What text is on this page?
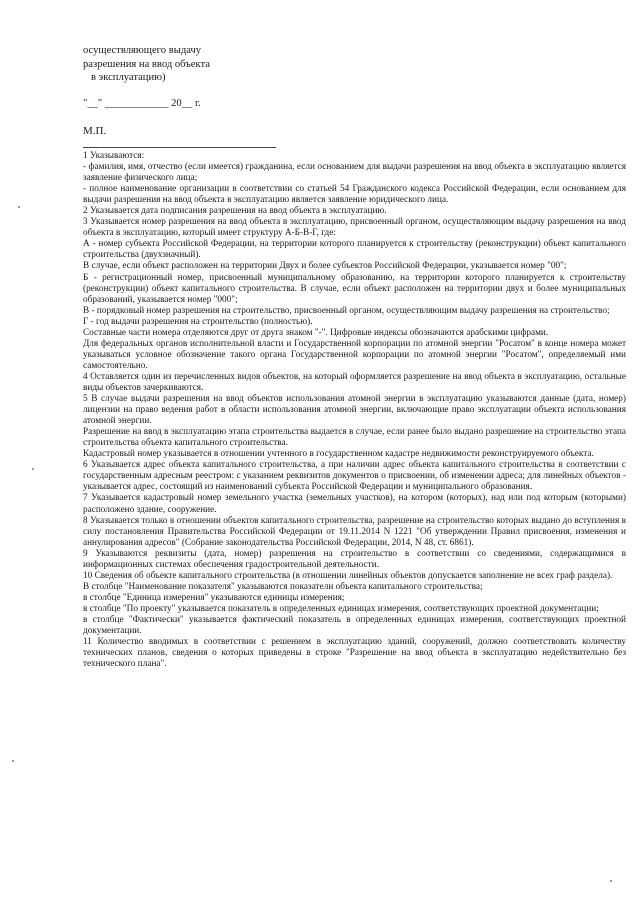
осуществляющего выдачу
разрешения на ввод объекта
в эксплуатацию)
"__" ____________ 20__ г.
М.П.

1 Указываются:

- фамилия, имя, отчество (если имеется) гражданина, если основанием для выдачи разрешения на ввод объекта в эксплуатацию является заявление физического лица;

- полное наименование организации в соответствии со статьей 54 Гражданского кодекса Российской Федерации, если основанием для выдачи разрешения на ввод объекта в эксплуатацию является заявление юридического лица.

2 Указывается дата подписания разрешения на ввод объекта в эксплуатацию.

3 Указывается номер разрешения на ввод объекта в эксплуатацию, присвоенный органом, осуществляющим выдачу разрешения на ввод объекта в эксплуатацию, который имеет структуру А-Б-В-Г, где:

А - номер субъекта Российской Федерации, на территории которого планируется к строительству (реконструкции) объект капитального строительства (двухзначный).

В случае, если объект расположен на территории Двух и более субъектов Российской Федерации, указывается номер "00";

Б - регистрационный номер, присвоенный муниципальному образованию, на территории которого планируется к строительству (реконструкции) объект капитального строительства. В случае, если объект расположен на территории двух и более муниципальных образований, указывается номер "000";

В - порядковый номер разрешения на строительство, присвоенный органом, осуществляющим выдачу разрешения на строительство;

Г - год выдачи разрешения на строительство (полностью).

Составные части номера отделяются друг от друга знаком "-". Цифровые индексы обозначаются арабскими цифрами.

Для федеральных органов исполнительной власти и Государственной корпорации по атомной энергии "Росатом" в конце номера может указываться условное обозначение такого органа Государственной корпорации по атомной энергии "Росатом", определяемый ими самостоятельно.

4 Оставляется один из перечисленных видов объектов, на который оформляется разрешение на ввод объекта в эксплуатацию, остальные виды объектов зачеркиваются.

5 В случае выдачи разрешения на ввод объектов использования атомной энергии в эксплуатацию указываются данные (дата, номер) лицензии на право ведения работ в области использования атомной энергии, включающие право эксплуатации объекта использования атомной энергии.

Разрешение на ввод в эксплуатацию этапа строительства выдается в случае, если ранее было выдано разрешение на строительство этапа строительства объекта капитального строительства.

Кадастровый номер указывается в отношении учтенного в государственном кадастре недвижимости реконструируемого объекта.

6 Указывается адрес объекта капитального строительства, а при наличии адрес объекта капитального строительства в соответствии с государственным адресным реестром: с указанием реквизитов документов о присвоении, об изменении адреса; для линейных объектов - указывается адрес, состоящий из наименований субъекта Российской Федерации и муниципального образования.

7 Указывается кадастровый номер земельного участка (земельных участков), на котором (которых), над или под которым (которыми) расположено здание, сооружение.

8 Указывается только в отношении объектов капитального строительства, разрешение на строительство которых выдано до вступления в силу постановления Правительства Российской Федерации от 19.11.2014 N 1221 "Об утверждении Правил присвоения, изменения и аннулирования адресов" (Собрание законодательства Российской Федерации, 2014, N 48, ст. 6861).

9 Указываются реквизиты (дата, номер) разрешения на строительство в соответствии со сведениями, содержащимися в информационных системах обеспечения градостроительной деятельности.

10 Сведения об объекте капитального строительства (в отношении линейных объектов допускается заполнение не всех граф раздела).

В столбце "Наименование показателя" указываются показатели объекта капитального строительства;

в столбце "Единица измерения" указываются единицы измерения;

в столбце "По проекту" указывается показатель в определенных единицах измерения, соответствующих проектной документации;

в столбце "Фактически" указывается фактический показатель в определенных единицах измерения, соответствующих проектной документации.

11 Количество вводимых в соответствии с решением в эксплуатацию зданий, сооружений, должно соответствовать количеству технических планов, сведения о которых приведены в строке "Разрешение на ввод объекта в эксплуатацию недействительно без технического плана".
